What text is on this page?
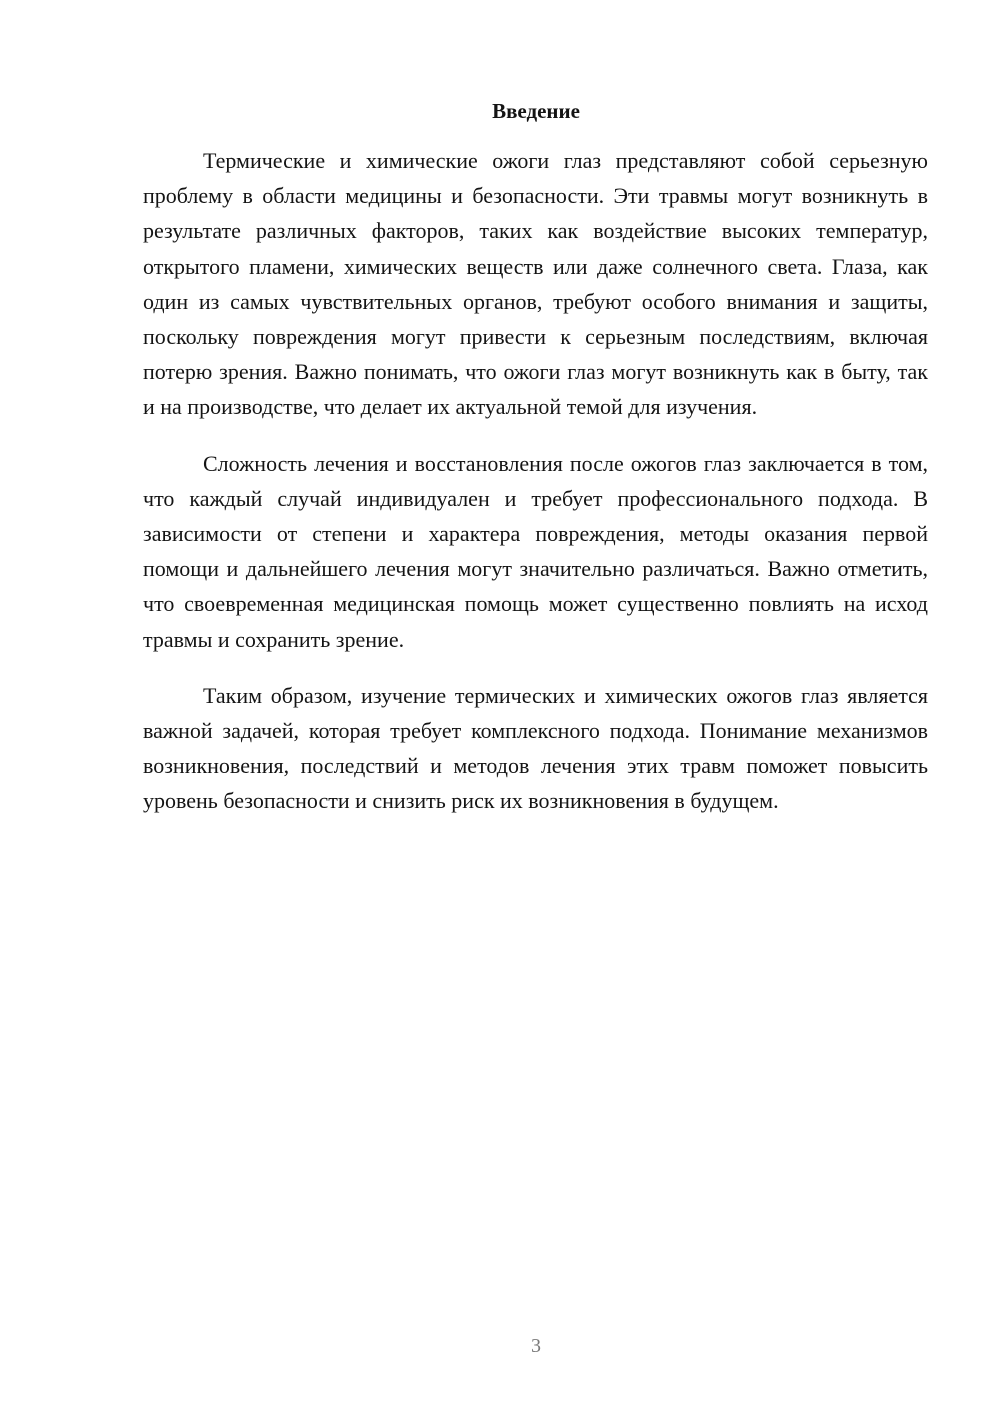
Введение

Термические и химические ожоги глаз представляют собой серьезную проблему в области медицины и безопасности. Эти травмы могут возникнуть в результате различных факторов, таких как воздействие высоких температур, открытого пламени, химических веществ или даже солнечного света. Глаза, как один из самых чувствительных органов, требуют особого внимания и защиты, поскольку повреждения могут привести к серьезным последствиям, включая потерю зрения. Важно понимать, что ожоги глаз могут возникнуть как в быту, так и на производстве, что делает их актуальной темой для изучения.

Сложность лечения и восстановления после ожогов глаз заключается в том, что каждый случай индивидуален и требует профессионального подхода. В зависимости от степени и характера повреждения, методы оказания первой помощи и дальнейшего лечения могут значительно различаться. Важно отметить, что своевременная медицинская помощь может существенно повлиять на исход травмы и сохранить зрение.

Таким образом, изучение термических и химических ожогов глаз является важной задачей, которая требует комплексного подхода. Понимание механизмов возникновения, последствий и методов лечения этих травм поможет повысить уровень безопасности и снизить риск их возникновения в будущем.

3
